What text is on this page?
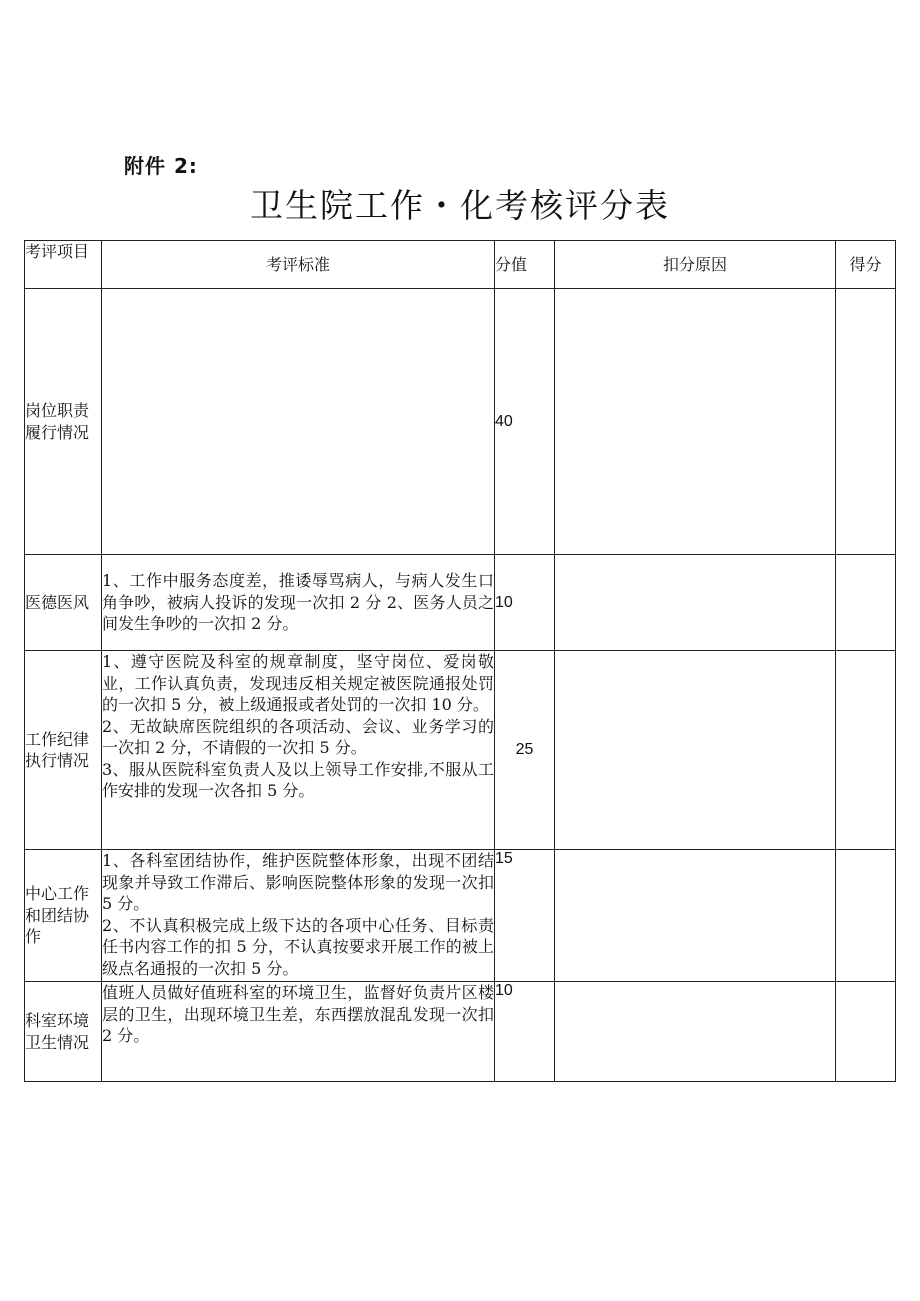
附件 2:
卫生院工作・化考核评分表
考评项目	考评标准	分值	扣分原因	得分
岗位职责履行情况		40		
医德医风	1、工作中服务态度差，推诿辱骂病人，与病人发生口角争吵，被病人投诉的发现一次扣 2 分 2、医务人员之间发生争吵的一次扣 2 分。	10		
工作纪律执行情况	1、遵守医院及科室的规章制度，坚守岗位、爱岗敬业，工作认真负责，发现违反相关规定被医院通报处罚的一次扣 5 分，被上级通报或者处罚的一次扣 10 分。
2、无故缺席医院组织的各项活动、会议、业务学习的一次扣 2 分，不请假的一次扣 5 分。
3、服从医院科室负责人及以上领导工作安排,不服从工作安排的发现一次各扣 5 分。	25		
中心工作和团结协作	1、各科室团结协作，维护医院整体形象，出现不团结现象并导致工作滞后、影响医院整体形象的发现一次扣 5 分。
2、不认真积极完成上级下达的各项中心任务、目标责任书内容工作的扣 5 分，不认真按要求开展工作的被上级点名通报的一次扣 5 分。	15		
科室环境卫生情况	值班人员做好值班科室的环境卫生，监督好负责片区楼层的卫生，出现环境卫生差，东西摆放混乱发现一次扣 2 分。	10		
